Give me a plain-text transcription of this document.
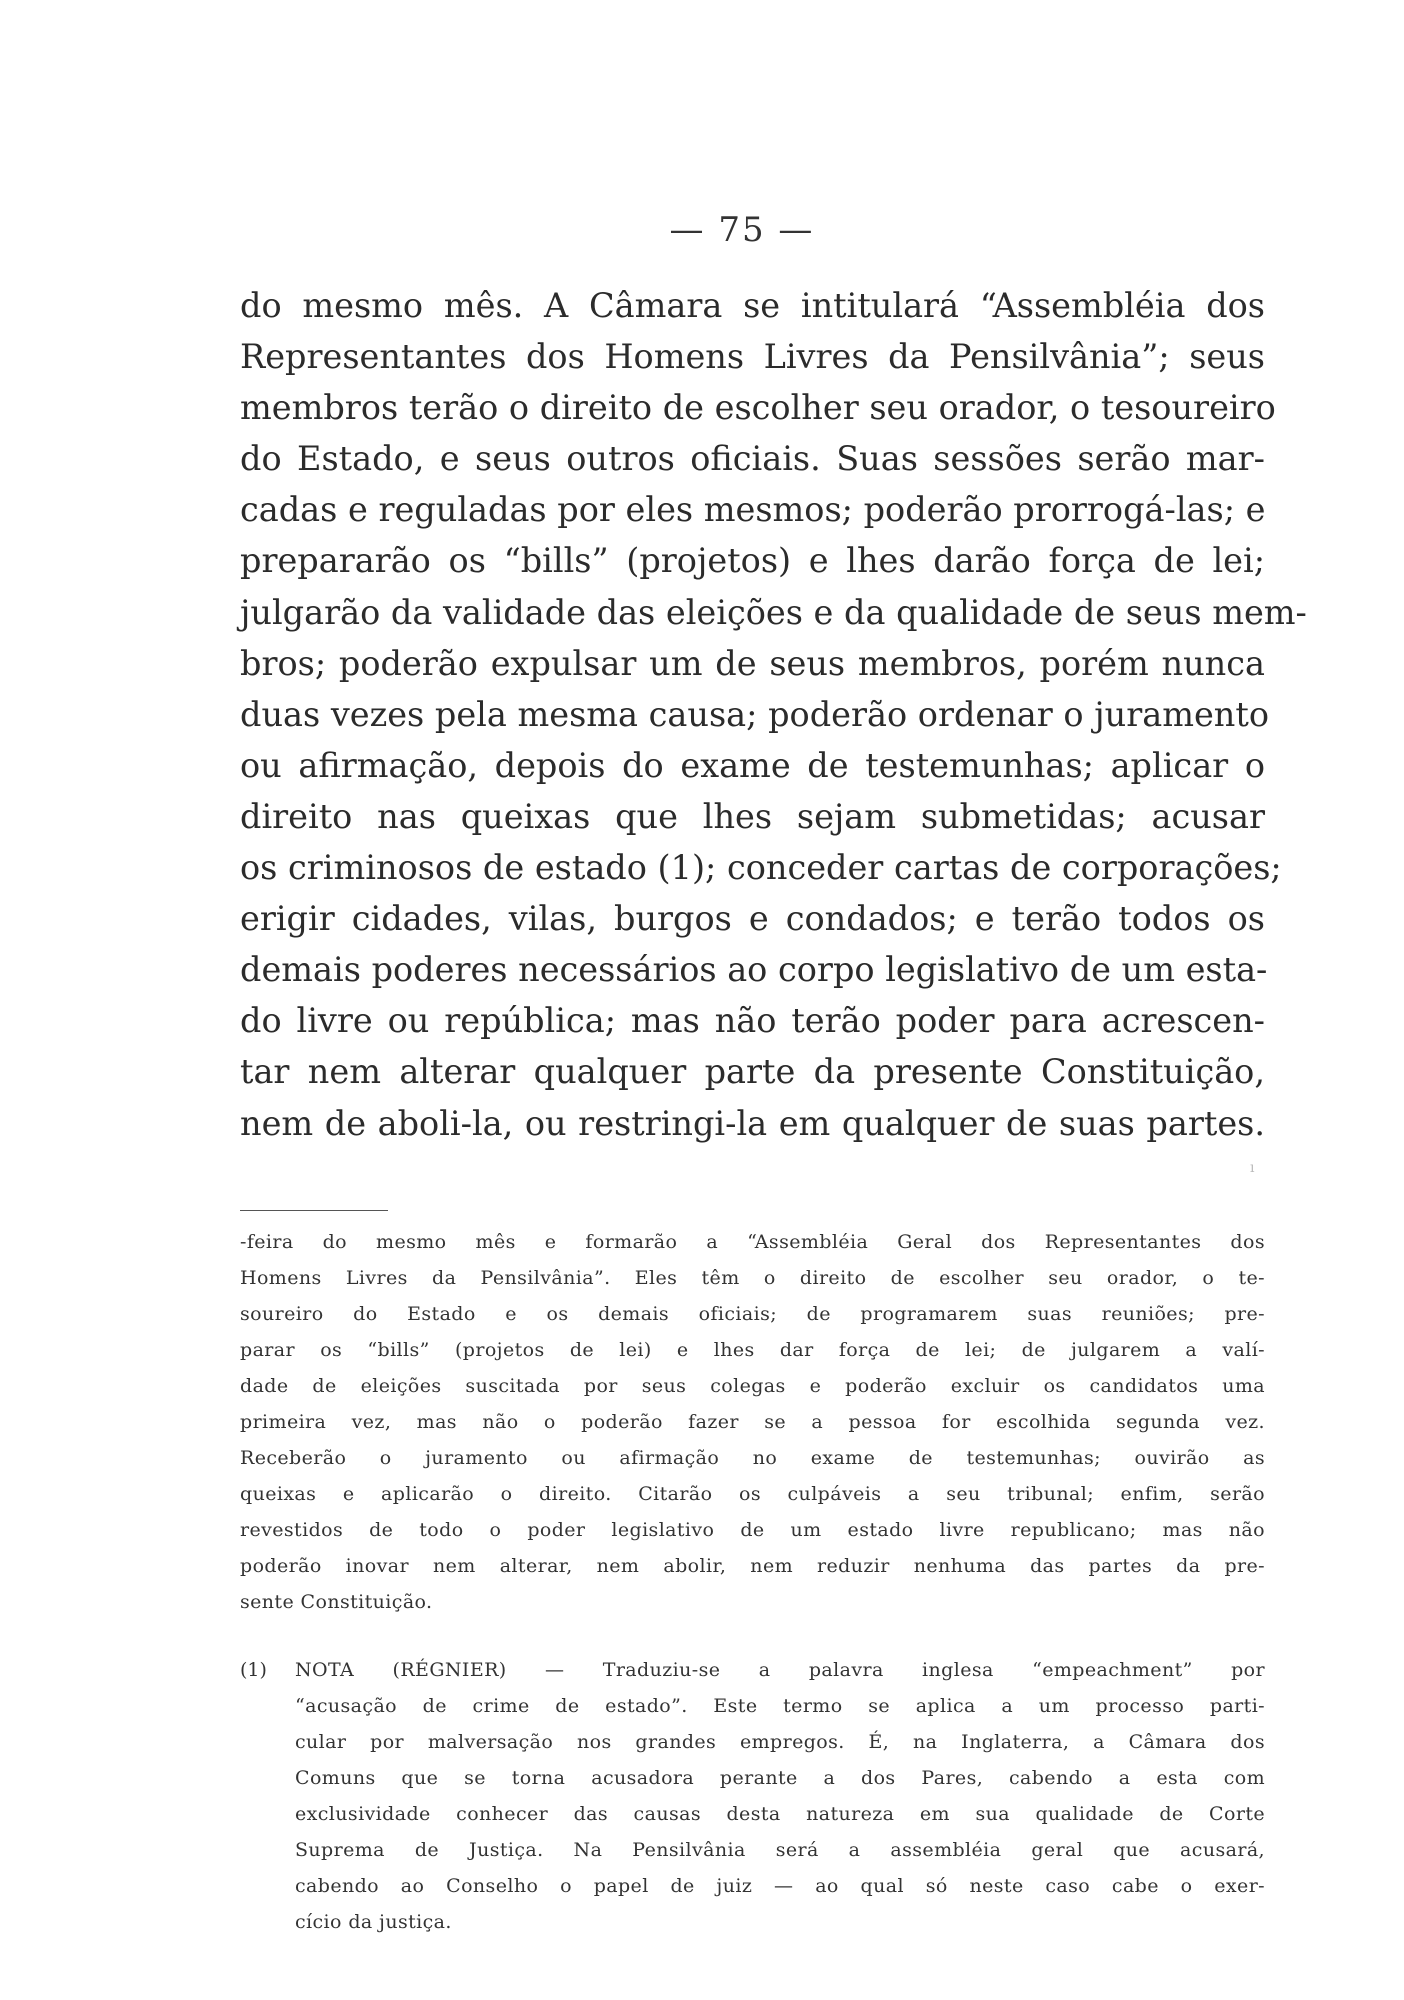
— 75 —
do mesmo mês. A Câmara se intitulará “Assembléia dos
Representantes dos Homens Livres da Pensilvânia”; seus
membros terão o direito de escolher seu orador, o tesoureiro
do Estado, e seus outros oficiais. Suas sessões serão mar-
cadas e reguladas por eles mesmos; poderão prorrogá-las; e
prepararão os “bills” (projetos) e lhes darão força de lei;
julgarão da validade das eleições e da qualidade de seus mem-
bros; poderão expulsar um de seus membros, porém nunca
duas vezes pela mesma causa; poderão ordenar o juramento
ou afirmação, depois do exame de testemunhas; aplicar o
direito nas queixas que lhes sejam submetidas; acusar
os criminosos de estado (1); conceder cartas de corporações;
erigir cidades, vilas, burgos e condados; e terão todos os
demais poderes necessários ao corpo legislativo de um esta-
do livre ou república; mas não terão poder para acrescen-
tar nem alterar qualquer parte da presente Constituição,
nem de aboli-la, ou restringi-la em qualquer de suas partes.
ı
-feira do mesmo mês e formarão a “Assembléia Geral dos Representantes dos
Homens Livres da Pensilvânia”. Eles têm o direito de escolher seu orador, o te-
soureiro do Estado e os demais oficiais; de programarem suas reuniões; pre-
parar os “bills” (projetos de lei) e lhes dar força de lei; de julgarem a valí-
dade de eleições suscitada por seus colegas e poderão excluir os candidatos uma
primeira vez, mas não o poderão fazer se a pessoa for escolhida segunda vez.
Receberão o juramento ou afirmação no exame de testemunhas; ouvirão as
queixas e aplicarão o direito. Citarão os culpáveis a seu tribunal; enfim, serão
revestidos de todo o poder legislativo de um estado livre republicano; mas não
poderão inovar nem alterar, nem abolir, nem reduzir nenhuma das partes da pre-
sente Constituição.
(1)	NOTA (RÉGNIER) — Traduziu-se a palavra inglesa “empeachment” por
“acusação de crime de estado”. Este termo se aplica a um processo parti-
cular por malversação nos grandes empregos. É, na Inglaterra, a Câmara dos
Comuns que se torna acusadora perante a dos Pares, cabendo a esta com
exclusividade conhecer das causas desta natureza em sua qualidade de Corte
Suprema de Justiça. Na Pensilvânia será a assembléia geral que acusará,
cabendo ao Conselho o papel de juiz — ao qual só neste caso cabe o exer-
cício da justiça.
